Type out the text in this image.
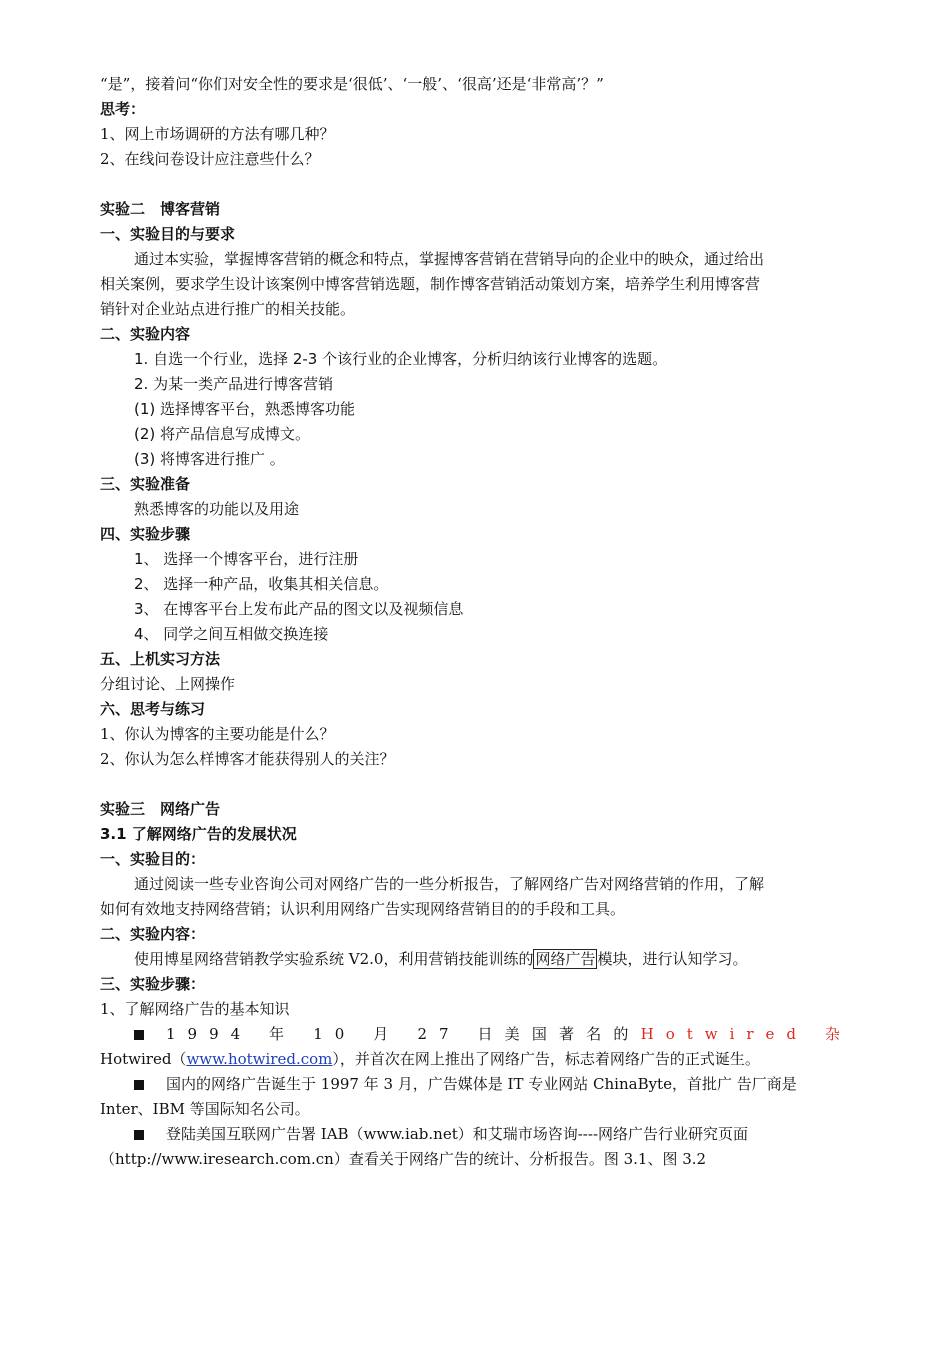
“是”，接着问“你们对安全性的要求是‘很低’、‘一般’、‘很高’还是‘非常高’？”
思考：
1、网上市场调研的方法有哪几种？
2、在线问卷设计应注意些什么？
实验二　博客营销
一、实验目的与要求
通过本实验，掌握博客营销的概念和特点，掌握博客营销在营销导向的企业中的映众，通过给出
相关案例，要求学生设计该案例中博客营销选题，制作博客营销活动策划方案，培养学生利用博客营
销针对企业站点进行推广的相关技能。
二、实验内容
1. 自选一个行业，选择 2-3 个该行业的企业博客，分析归纳该行业博客的选题。
2. 为某一类产品进行博客营销
(1) 选择博客平台，熟悉博客功能
(2) 将产品信息写成博文。
(3) 将博客进行推广 。
三、实验准备
熟悉博客的功能以及用途
四、实验步骤
1、 选择一个博客平台，进行注册
2、 选择一种产品，收集其相关信息。
3、 在博客平台上发布此产品的图文以及视频信息
4、 同学之间互相做交换连接
五、上机实习方法
分组讨论、上网操作
六、思考与练习
1、你认为博客的主要功能是什么？
2、你认为怎么样博客才能获得别人的关注？
实验三　网络广告
3.1 了解网络广告的发展状况
一、实验目的：
通过阅读一些专业咨询公司对网络广告的一些分析报告，了解网络广告对网络营销的作用，了解
如何有效地支持网络营销；认识利用网络广告实现网络营销目的的手段和工具。
二、实验内容：
使用博星网络营销教学实验系统 V2.0，利用营销技能训练的 网络广告 模块，进行认知学习。
三、实验步骤：
1、了解网络广告的基本知识
1994 年 10 月 27 日美国著名的Hotwired 杂
Hotwired（www.hotwired.com），并首次在网上推出了网络广告，标志着网络广告的正式诞生。
国内的网络广告诞生于 1997 年 3 月，广告媒体是 IT 专业网站 ChinaByte，首批广 告厂商是
Inter、IBM 等国际知名公司。
登陆美国互联网广告署 IAB（www.iab.net）和艾瑞市场咨询----网络广告行业研究页面
（http://www.iresearch.com.cn）查看关于网络广告的统计、分析报告。图 3.1、图 3.2
